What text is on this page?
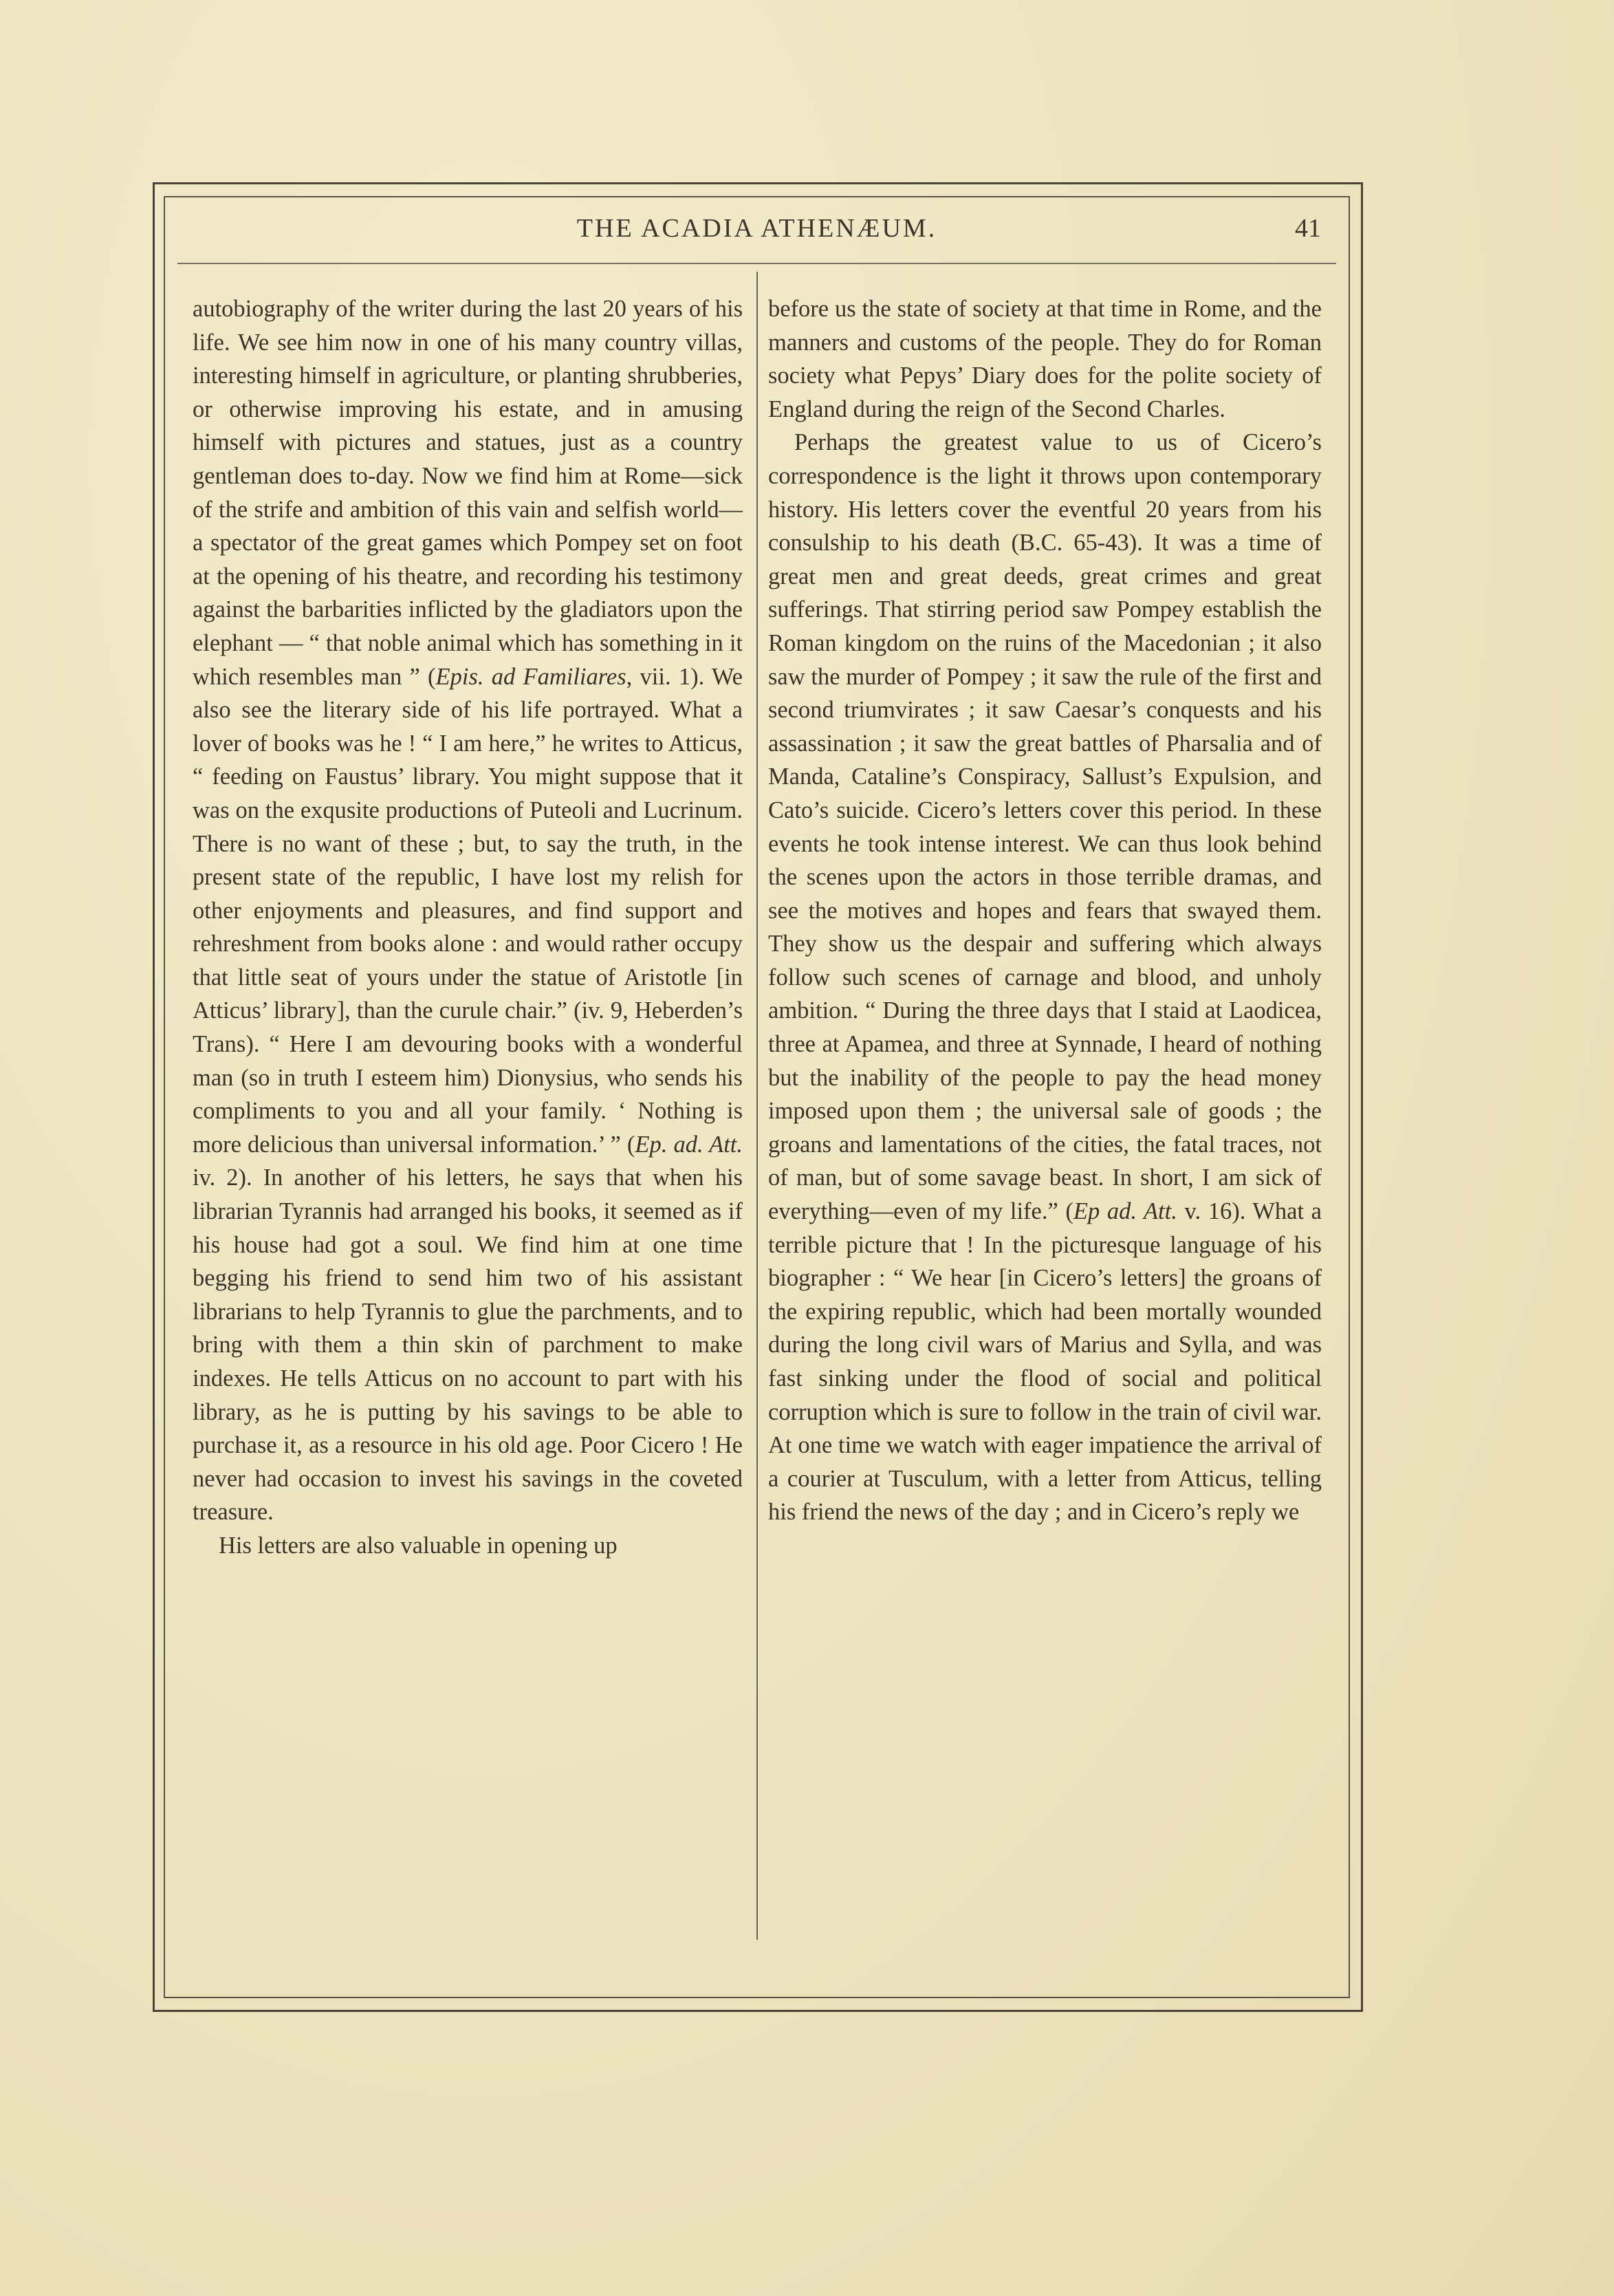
THE ACADIA ATHENÆUM.	41

autobiography of the writer during the last 20 years of his life. We see him now in one of his many country villas, interesting himself in agriculture, or planting shrubberies, or otherwise improving his estate, and in amusing himself with pictures and statues, just as a country gentleman does to-day. Now we find him at Rome—sick of the strife and ambition of this vain and selfish world—a spectator of the great games which Pompey set on foot at the opening of his theatre, and recording his testimony against the barbarities inflicted by the gladiators upon the elephant — “ that noble animal which has something in it which resembles man ” (Epis. ad Familiares, vii. 1). We also see the literary side of his life portrayed. What a lover of books was he ! “ I am here,” he writes to Atticus, “ feeding on Faustus’ library. You might suppose that it was on the exqusite productions of Puteoli and Lucrinum. There is no want of these ; but, to say the truth, in the present state of the republic, I have lost my relish for other enjoyments and pleasures, and find support and rehreshment from books alone : and would rather occupy that little seat of yours under the statue of Aristotle [in Atticus’ library], than the curule chair.” (iv. 9, Heberden’s Trans). “ Here I am devouring books with a wonderful man (so in truth I esteem him) Dionysius, who sends his compliments to you and all your family. ‘ Nothing is more delicious than universal information.’ ” (Ep. ad. Att. iv. 2). In another of his letters, he says that when his librarian Tyrannis had arranged his books, it seemed as if his house had got a soul. We find him at one time begging his friend to send him two of his assistant librarians to help Tyrannis to glue the parchments, and to bring with them a thin skin of parchment to make indexes. He tells Atticus on no account to part with his library, as he is putting by his savings to be able to purchase it, as a resource in his old age. Poor Cicero ! He never had occasion to invest his savings in the coveted treasure.

His letters are also valuable in opening up

before us the state of society at that time in Rome, and the manners and customs of the people. They do for Roman society what Pepys’ Diary does for the polite society of England during the reign of the Second Charles.

Perhaps the greatest value to us of Cicero’s correspondence is the light it throws upon contemporary history. His letters cover the eventful 20 years from his consulship to his death (B.C. 65-43). It was a time of great men and great deeds, great crimes and great sufferings. That stirring period saw Pompey establish the Roman kingdom on the ruins of the Macedonian ; it also saw the murder of Pompey ; it saw the rule of the first and second triumvirates ; it saw Caesar’s conquests and his assassination ; it saw the great battles of Pharsalia and of Manda, Cataline’s Conspiracy, Sallust’s Expulsion, and Cato’s suicide. Cicero’s letters cover this period. In these events he took intense interest. We can thus look behind the scenes upon the actors in those terrible dramas, and see the motives and hopes and fears that swayed them. They show us the despair and suffering which always follow such scenes of carnage and blood, and unholy ambition. “ During the three days that I staid at Laodicea, three at Apamea, and three at Synnade, I heard of nothing but the inability of the people to pay the head money imposed upon them ; the universal sale of goods ; the groans and lamentations of the cities, the fatal traces, not of man, but of some savage beast. In short, I am sick of everything—even of my life.” (Ep ad. Att. v. 16). What a terrible picture that ! In the picturesque language of his biographer : “ We hear [in Cicero’s letters] the groans of the expiring republic, which had been mortally wounded during the long civil wars of Marius and Sylla, and was fast sinking under the flood of social and political corruption which is sure to follow in the train of civil war. At one time we watch with eager impatience the arrival of a courier at Tusculum, with a letter from Atticus, telling his friend the news of the day ; and in Cicero’s reply we
